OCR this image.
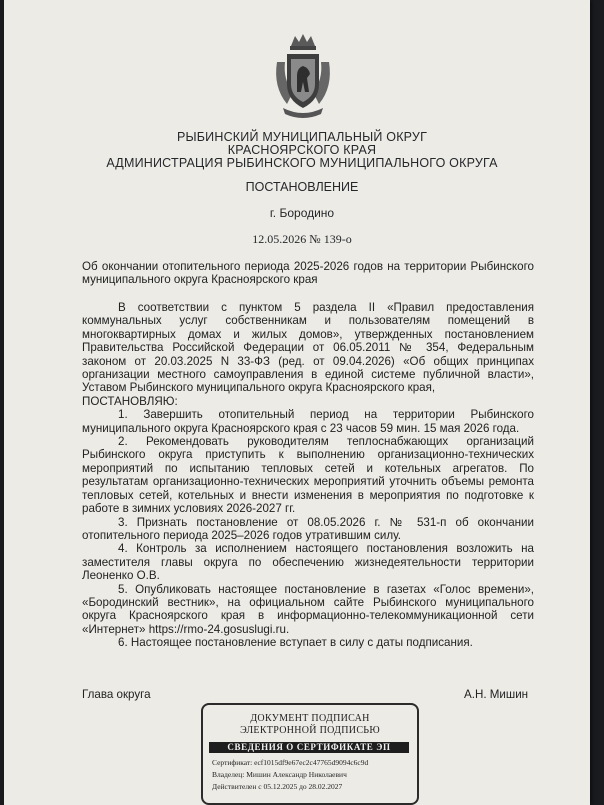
РЫБИНСКИЙ МУНИЦИПАЛЬНЫЙ ОКРУГ
КРАСНОЯРСКОГО КРАЯ
АДМИНИСТРАЦИЯ РЫБИНСКОГО МУНИЦИПАЛЬНОГО ОКРУГА
ПОСТАНОВЛЕНИЕ
г. Бородино
12.05.2026 № 139-о
Об окончании отопительного периода 2025-2026 годов на территории Рыбинского муниципального округа Красноярского края

В соответствии с пунктом 5 раздела II «Правил предоставления коммунальных услуг собственникам и пользователям помещений в многоквартирных домах и жилых домов», утвержденных постановлением Правительства Российской Федерации от 06.05.2011 № 354, Федеральным законом от 20.03.2025 N 33-ФЗ (ред. от 09.04.2026) «Об общих принципах организации местного самоуправления в единой системе публичной власти», Уставом Рыбинского муниципального округа Красноярского края,

ПОСТАНОВЛЯЮ:

1. Завершить отопительный период на территории Рыбинского муниципального округа Красноярского края с 23 часов 59 мин. 15 мая 2026 года.

2. Рекомендовать руководителям теплоснабжающих организаций Рыбинского округа приступить к выполнению организационно-технических мероприятий по испытанию тепловых сетей и котельных агрегатов. По результатам организационно-технических мероприятий уточнить объемы ремонта тепловых сетей, котельных и внести изменения в мероприятия по подготовке к работе в зимних условиях 2026-2027 гг.

3. Признать постановление от 08.05.2026 г. № 531-п об окончании отопительного периода 2025–2026 годов утратившим силу.

4. Контроль за исполнением настоящего постановления возложить на заместителя главы округа по обеспечению жизнедеятельности территории Леоненко О.В.

5. Опубликовать настоящее постановление в газетах «Голос времени», «Бородинский вестник», на официальном сайте Рыбинского муниципального округа Красноярского края в информационно-телекоммуникационной сети «Интернет» https://rmo-24.gosuslugi.ru.

6. Настоящее постановление вступает в силу с даты подписания.

Глава округа	А.Н. Мишин
ДОКУМЕНТ ПОДПИСАН
ЭЛЕКТРОННОЙ ПОДПИСЬЮ
СВЕДЕНИЯ О СЕРТИФИКАТЕ ЭП
Сертификат: ecf1015df9e67ec2c47765d9094c6c9d
Владелец: Мишин Александр Николаевич
Действителен с 05.12.2025 до 28.02.2027
